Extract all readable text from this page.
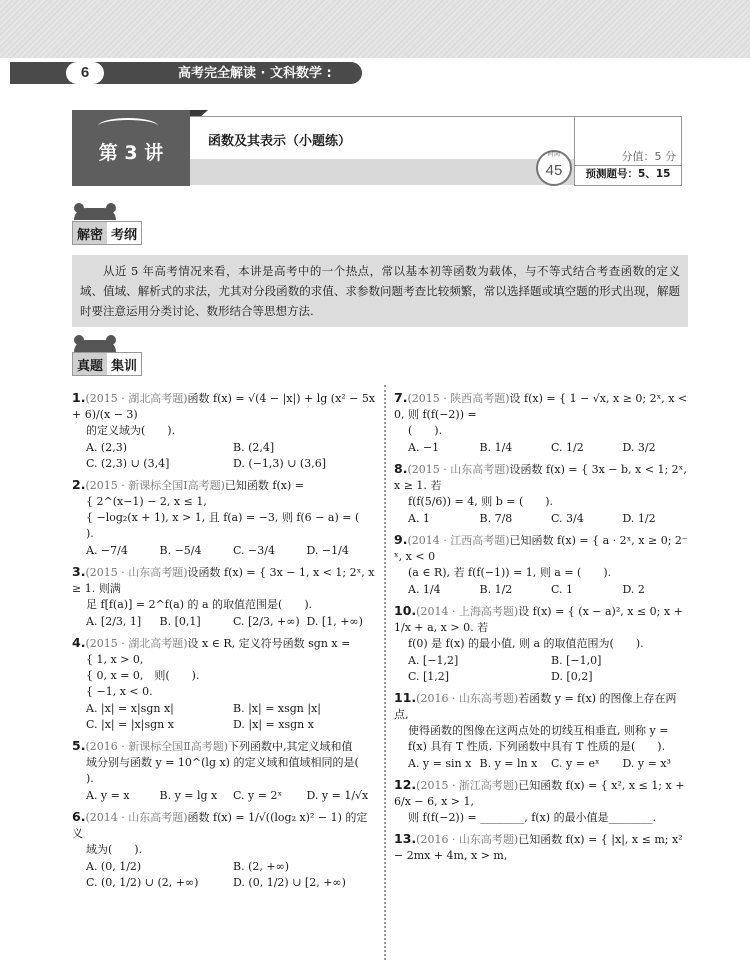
6	高考完全解读 · 文科数学 :
第 3 讲
函数及其表示（小题练）
分值：5 分
预测题号：5、15
时间
45
解密 考纲
从近 5 年高考情况来看，本讲是高考中的一个热点，常以基本初等函数为载体，与不等式结合考查函数的定义域、值域、解析式的求法，尤其对分段函数的求值、求参数问题考查比较频繁，常以选择题或填空题的形式出现，解题时要注意运用分类讨论、数形结合等思想方法.
真题 集训
1.(2015 · 湖北高考题)函数 f(x) = √(4 − |x|) + lg (x² − 5x + 6)/(x − 3)
的定义域为(　　).
A. (2,3)	B. (2,4]
C. (2,3) ∪ (3,4]	D. (−1,3) ∪ (3,6]
2.(2015 · 新课标全国Ⅰ高考题)已知函数 f(x) =
{ 2^(x−1) − 2, x ≤ 1,
{ −log₂(x + 1), x > 1, 且 f(a) = −3, 则 f(6 − a) = (　　).
A. −7/4	B. −5/4	C. −3/4	D. −1/4
3.(2015 · 山东高考题)设函数 f(x) = { 3x − 1, x < 1; 2ˣ, x ≥ 1. 则满
足 f[f(a)] = 2^f(a) 的 a 的取值范围是(　　).
A. [2/3, 1]	B. [0,1]	C. [2/3, +∞) D. [1, +∞)
4.(2015 · 湖北高考题)设 x ∈ R, 定义符号函数 sgn x =
{ 1, x > 0,
{ 0, x = 0,　则(　　).
{ −1, x < 0.
A. |x| = x|sgn x|	B. |x| = xsgn |x|
C. |x| = |x|sgn x	D. |x| = xsgn x
5.(2016 · 新课标全国Ⅱ高考题)下列函数中,其定义域和值
域分别与函数 y = 10^(lg x) 的定义域和值域相同的是(　　).
A. y = x	B. y = lg x	C. y = 2ˣ	D. y = 1/√x
6.(2014 · 山东高考题)函数 f(x) = 1/√((log₂ x)² − 1) 的定义
域为(　　).
A. (0, 1/2)	B. (2, +∞)
C. (0, 1/2) ∪ (2, +∞)	D. (0, 1/2) ∪ [2, +∞)
7.(2015 · 陕西高考题)设 f(x) = { 1 − √x, x ≥ 0; 2ˣ, x < 0, 则 f(f(−2)) =
(　　).
A. −1	B. 1/4	C. 1/2	D. 3/2
8.(2015 · 山东高考题)设函数 f(x) = { 3x − b, x < 1; 2ˣ, x ≥ 1. 若
f(f(5/6)) = 4, 则 b = (　　).
A. 1	B. 7/8	C. 3/4	D. 1/2
9.(2014 · 江西高考题)已知函数 f(x) = { a · 2ˣ, x ≥ 0; 2⁻ˣ, x < 0
(a ∈ R), 若 f(f(−1)) = 1, 则 a = (　　).
A. 1/4	B. 1/2	C. 1	D. 2
10.(2014 · 上海高考题)设 f(x) = { (x − a)², x ≤ 0; x + 1/x + a, x > 0. 若
f(0) 是 f(x) 的最小值, 则 a 的取值范围为(　　).
A. [−1,2]	B. [−1,0]
C. [1,2]	D. [0,2]
11.(2016 · 山东高考题)若函数 y = f(x) 的图像上存在两点,
使得函数的图像在这两点处的切线互相垂直, 则称 y =
f(x) 具有 T 性质. 下列函数中具有 T 性质的是(　　).
A. y = sin x B. y = ln x	C. y = eˣ	D. y = x³
12.(2015 · 浙江高考题)已知函数 f(x) = { x², x ≤ 1; x + 6/x − 6, x > 1,
则 f(f(−2)) = ________, f(x) 的最小值是________.
13.(2016 · 山东高考题)已知函数 f(x) = { |x|, x ≤ m; x² − 2mx + 4m, x > m,
